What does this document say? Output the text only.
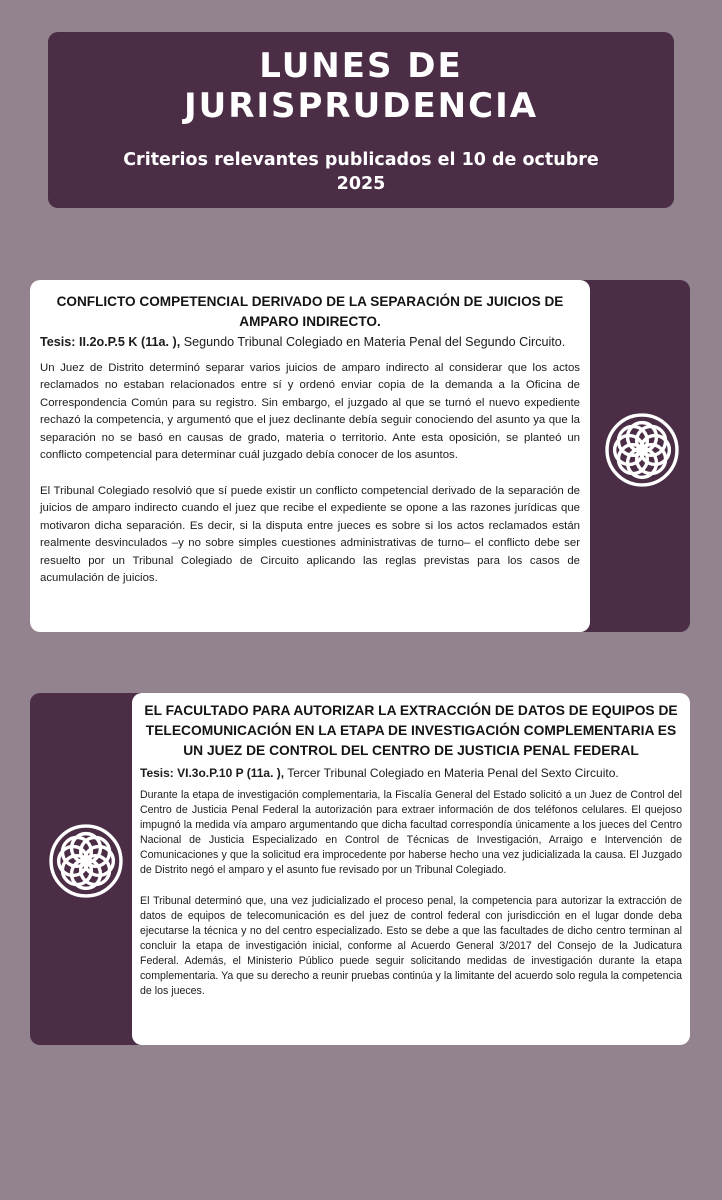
LUNES DE
JURISPRUDENCIA
Criterios relevantes publicados el 10 de octubre 2025

CONFLICTO COMPETENCIAL DERIVADO DE LA SEPARACIÓN DE JUICIOS DE AMPARO INDIRECTO.

Tesis: II.2o.P.5 K (11a. ), Segundo Tribunal Colegiado en Materia Penal del Segundo Circuito.

Un Juez de Distrito determinó separar varios juicios de amparo indirecto al considerar que los actos reclamados no estaban relacionados entre sí y ordenó enviar copia de la demanda a la Oficina de Correspondencia Común para su registro. Sin embargo, el juzgado al que se turnó el nuevo expediente rechazó la competencia, y argumentó que el juez declinante debía seguir conociendo del asunto ya que la separación no se basó en causas de grado, materia o territorio. Ante esta oposición, se planteó un conflicto competencial para determinar cuál juzgado debía conocer de los asuntos.

El Tribunal Colegiado resolvió que sí puede existir un conflicto competencial derivado de la separación de juicios de amparo indirecto cuando el juez que recibe el expediente se opone a las razones jurídicas que motivaron dicha separación. Es decir, si la disputa entre jueces es sobre si los actos reclamados están realmente desvinculados –y no sobre simples cuestiones administrativas de turno– el conflicto debe ser resuelto por un Tribunal Colegiado de Circuito aplicando las reglas previstas para los casos de acumulación de juicios.

EL FACULTADO PARA AUTORIZAR LA EXTRACCIÓN DE DATOS DE EQUIPOS DE TELECOMUNICACIÓN EN LA ETAPA DE INVESTIGACIÓN COMPLEMENTARIA ES UN JUEZ DE CONTROL DEL CENTRO DE JUSTICIA PENAL FEDERAL

Tesis: VI.3o.P.10 P (11a. ), Tercer Tribunal Colegiado en Materia Penal del Sexto Circuito.

Durante la etapa de investigación complementaria, la Fiscalía General del Estado solicitó a un Juez de Control del Centro de Justicia Penal Federal la autorización para extraer información de dos teléfonos celulares. El quejoso impugnó la medida vía amparo argumentando que dicha facultad correspondía únicamente a los jueces del Centro Nacional de Justicia Especializado en Control de Técnicas de Investigación, Arraigo e Intervención de Comunicaciones y que la solicitud era improcedente por haberse hecho una vez judicializada la causa. El Juzgado de Distrito negó el amparo y el asunto fue revisado por un Tribunal Colegiado.

El Tribunal determinó que, una vez judicializado el proceso penal, la competencia para autorizar la extracción de datos de equipos de telecomunicación es del juez de control federal con jurisdicción en el lugar donde deba ejecutarse la técnica y no del centro especializado. Esto se debe a que las facultades de dicho centro terminan al concluir la etapa de investigación inicial, conforme al Acuerdo General 3/2017 del Consejo de la Judicatura Federal. Además, el Ministerio Público puede seguir solicitando medidas de investigación durante la etapa complementaria. Ya que su derecho a reunir pruebas continúa y la limitante del acuerdo solo regula la competencia de los jueces.
